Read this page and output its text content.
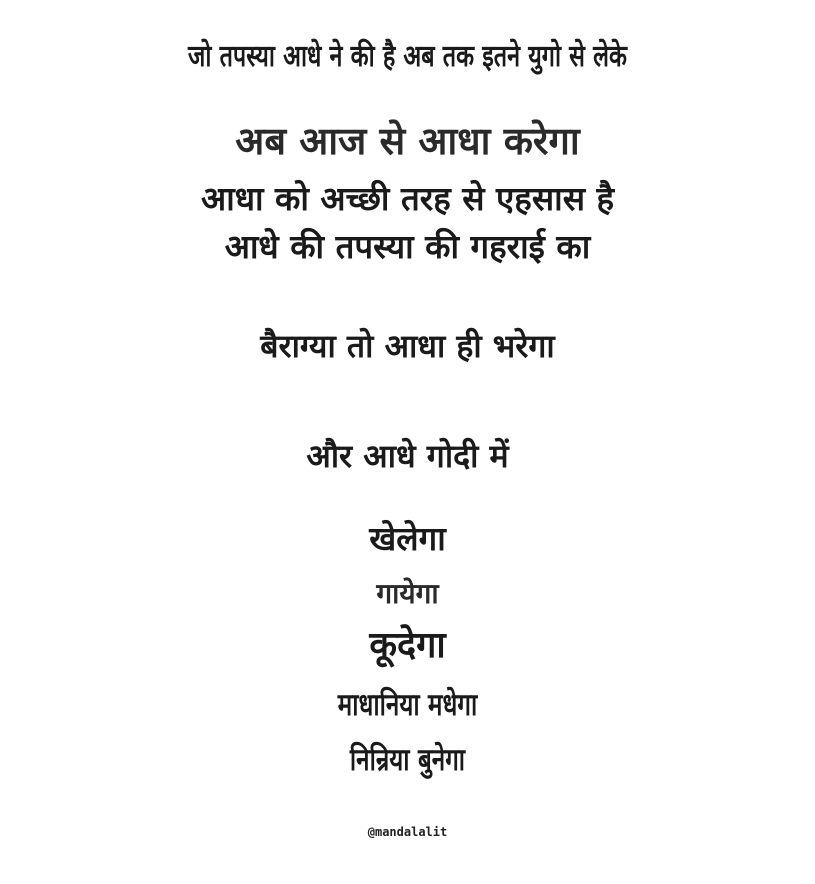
जो तपस्या आधे ने की है अब तक इतने युगो से लेके
अब आज से आधा करेगा
आधा को अच्छी तरह से एहसास है
आधे की तपस्या की गहराई का
बैराग्या तो आधा ही भरेगा
और आधे गोदी में
खेलेगा
गायेगा
कूदेगा
माधानिया मधेगा
निन्रिया बुनेगा
@mandalalit
